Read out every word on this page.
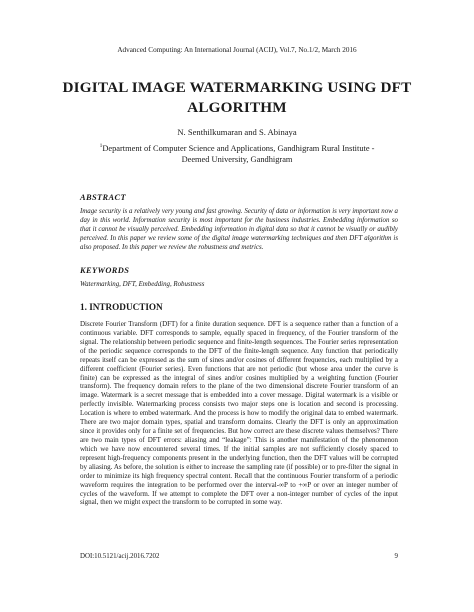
Advanced Computing: An International Journal (ACIJ), Vol.7, No.1/2, March 2016
DIGITAL IMAGE WATERMARKING USING DFT
ALGORITHM
N. Senthilkumaran and S. Abinaya
$^1$Department of Computer Science and Applications, Gandhigram Rural Institute -
Deemed University, Gandhigram
ABSTRACT
Image security is a relatively very young and fast growing. Security of data or information is very important now a day in this world. Information security is most important for the business industries. Embedding information so that it cannot be visually perceived. Embedding information in digital data so that it cannot be visually or audibly perceived. In this paper we review some of the digital image watermarking techniques and then DFT algorithm is also proposed. In this paper we review the robustness and metrics.
KEYWORDS
Watermarking, DFT, Embedding, Robustness
1. INTRODUCTION
Discrete Fourier Transform (DFT) for a finite duration sequence. DFT is a sequence rather than a function of a continuous variable. DFT corresponds to sample, equally spaced in frequency, of the Fourier transform of the signal. The relationship between periodic sequence and finite-length sequences. The Fourier series representation of the periodic sequence corresponds to the DFT of the finite-length sequence. Any function that periodically repeats itself can be expressed as the sum of sines and/or cosines of different frequencies, each multiplied by a different coefficient (Fourier series). Even functions that are not periodic (but whose area under the curve is finite) can be expressed as the integral of sines and/or cosines multiplied by a weighting function (Fourier transform). The frequency domain refers to the plane of the two dimensional discrete Fourier transform of an image. Watermark is a secret message that is embedded into a cover message. Digital watermark is a visible or perfectly invisible. Watermarking process consists two major steps one is location and second is processing. Location is where to embed watermark. And the process is how to modify the original data to embed watermark. There are two major domain types, spatial and transform domains. Clearly the DFT is only an approximation since it provides only for a finite set of frequencies. But how correct are these discrete values themselves? There are two main types of DFT errors: aliasing and “leakage”: This is another manifestation of the phenomenon which we have now encountered several times. If the initial samples are not sufficiently closely spaced to represent high-frequency components present in the underlying function, then the DFT values will be corrupted by aliasing. As before, the solution is either to increase the sampling rate (if possible) or to pre-filter the signal in order to minimize its high frequency spectral content. Recall that the continuous Fourier transform of a periodic waveform requires the integration to be performed over the interval-∞P to +∞P or over an integer number of cycles of the waveform. If we attempt to complete the DFT over a non-integer number of cycles of the input signal, then we might expect the transform to be corrupted in some way.
DOI:10.5121/acij.2016.7202	9
